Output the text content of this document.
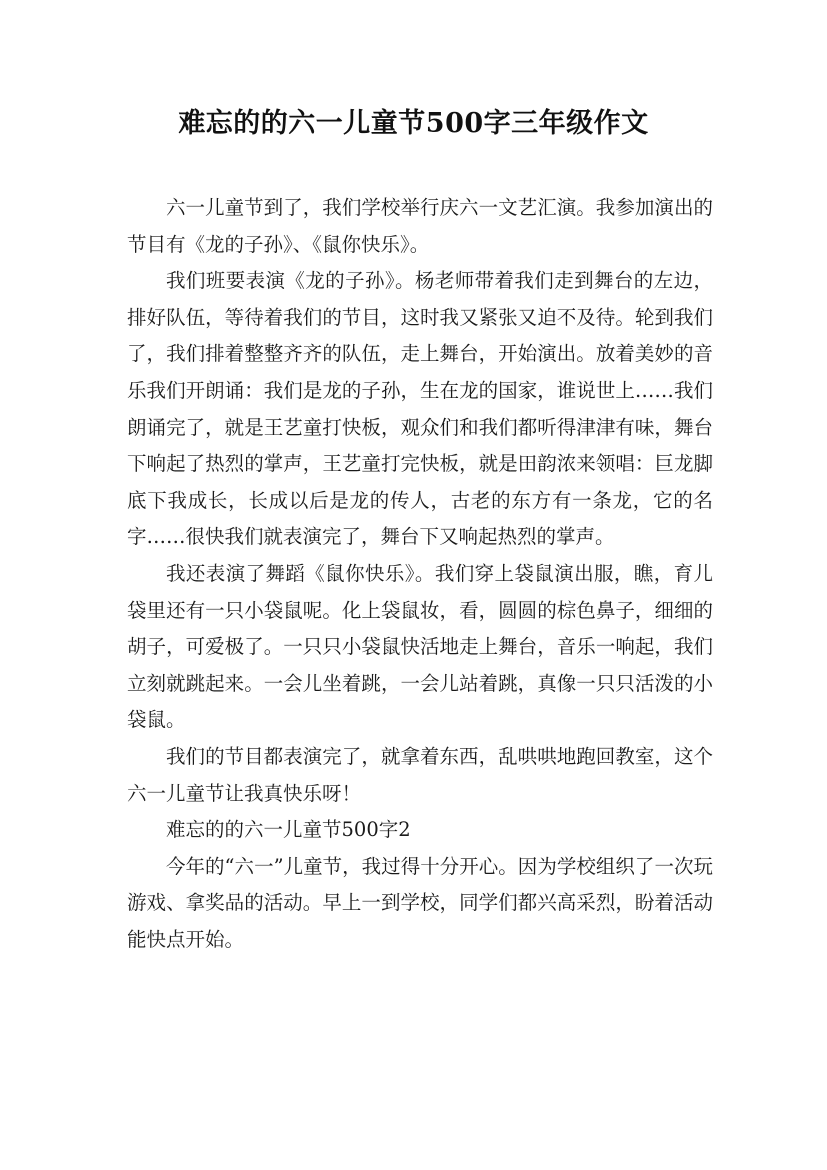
难忘的的六一儿童节500字三年级作文

六一儿童节到了，我们学校举行庆六一文艺汇演。我参加演出的节目有《龙的子孙》、《鼠你快乐》。

我们班要表演《龙的子孙》。杨老师带着我们走到舞台的左边，排好队伍，等待着我们的节目，这时我又紧张又迫不及待。轮到我们了，我们排着整整齐齐的队伍，走上舞台，开始演出。放着美妙的音乐我们开朗诵：我们是龙的子孙，生在龙的国家，谁说世上……我们朗诵完了，就是王艺童打快板，观众们和我们都听得津津有味，舞台下响起了热烈的掌声，王艺童打完快板，就是田韵浓来领唱：巨龙脚底下我成长，长成以后是龙的传人，古老的东方有一条龙，它的名字……很快我们就表演完了，舞台下又响起热烈的掌声。

我还表演了舞蹈《鼠你快乐》。我们穿上袋鼠演出服，瞧，育儿袋里还有一只小袋鼠呢。化上袋鼠妆，看，圆圆的棕色鼻子，细细的胡子，可爱极了。一只只小袋鼠快活地走上舞台，音乐一响起，我们立刻就跳起来。一会儿坐着跳，一会儿站着跳，真像一只只活泼的小袋鼠。

我们的节目都表演完了，就拿着东西，乱哄哄地跑回教室，这个六一儿童节让我真快乐呀！

难忘的的六一儿童节500字2

今年的“六一”儿童节，我过得十分开心。因为学校组织了一次玩游戏、拿奖品的活动。早上一到学校，同学们都兴高采烈，盼着活动能快点开始。
